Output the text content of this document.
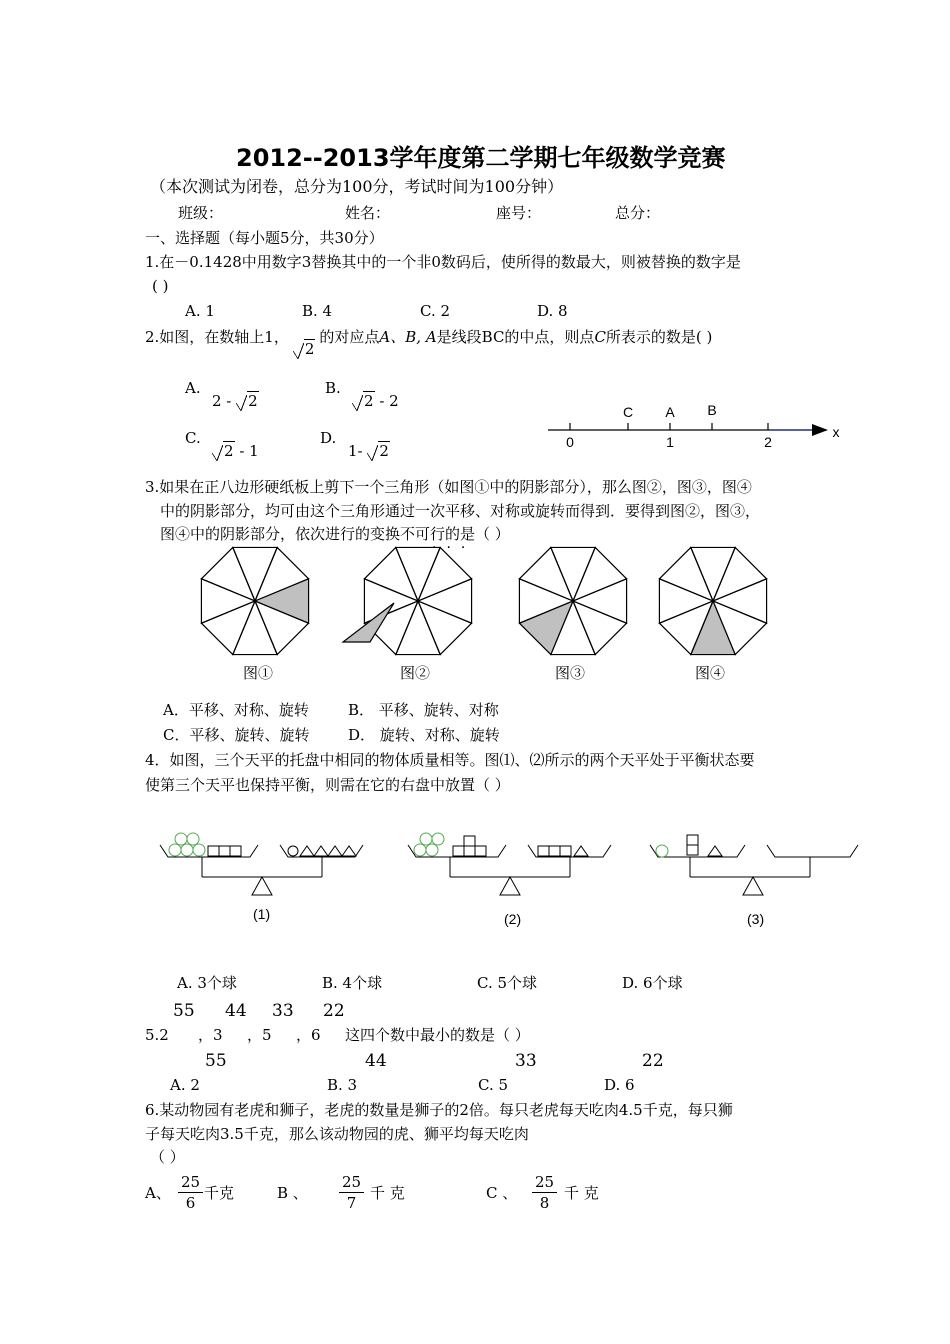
2012--2013学年度第二学期七年级数学竞赛
（本次测试为闭卷，总分为100分，考试时间为100分钟）
班级：	姓名：	座号：	总分：
一、选择题（每小题5分，共30分）
1.在－0.1428中用数字3替换其中的一个非0数码后，使所得的数最大，则被替换的数字是
( )
A. 1	B. 4	C. 2	D. 8
2.如图，在数轴上1，2的对应点A、B, A是线段BC的中点，则点C所表示的数是( )
A.
2 - 2
B.
2 - 2
C.
2 - 1
D.
1- 2
C A B
0	1	2
x
3.如果在正八边形硬纸板上剪下一个三角形（如图①中的阴影部分），那么图②，图③，图④
中的阴影部分，均可由这个三角形通过一次平移、对称或旋转而得到．要得到图②，图③，
图④中的阴影部分，依次进行的变换不可行的是（ ）
···
图①	图②	图③	图④
A．平移、对称、旋转	B． 平移、旋转、对称
C．平移、旋转、旋转	D． 旋转、对称、旋转
4．如图，三个天平的托盘中相同的物体质量相等。图⑴、⑵所示的两个天平处于平衡状态要
使第三个天平也保持平衡，则需在它的右盘中放置（ ）
(1)	(2)	(3)
A. 3个球	B. 4个球	C. 5个球	D. 6个球
55 44 33 22
5.2 ，3 ，5 ，6 这四个数中最小的数是（ ）
55	44	33	22
A. 2	B. 3	C. 5	D. 6
6.某动物园有老虎和狮子，老虎的数量是狮子的2倍。每只老虎每天吃肉4.5千克，每只狮
子每天吃肉3.5千克，那么该动物园的虎、狮平均每天吃肉
（ ）
A、 $\frac{25}{6}$ 千克	B 、 $\frac{25}{7}$ 千 克	C 、 $\frac{25}{8}$ 千 克
